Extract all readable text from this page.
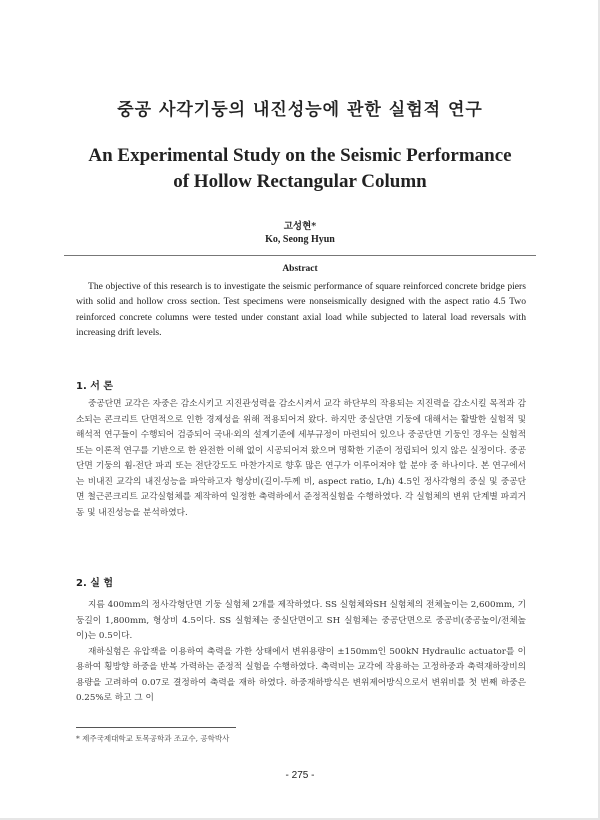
중공 사각기둥의 내진성능에 관한 실험적 연구
An Experimental Study on the Seismic Performance
of Hollow Rectangular Column
고성현*
Ko, Seong Hyun
Abstract

The objective of this research is to investigate the seismic performance of square reinforced concrete bridge piers with solid and hollow cross section. Test specimens were nonseismically designed with the aspect ratio 4.5 Two reinforced concrete columns were tested under constant axial load while subjected to lateral load reversals with increasing drift levels.

1. 서 론

중공단면 교각은 자중은 감소시키고 지진관성력을 감소시켜서 교각 하단부의 작용되는 지진력을 감소시킬 목적과 감소되는 콘크리트 단면적으로 인한 경제성을 위해 적용되어져 왔다. 하지만 중실단면 기둥에 대해서는 활발한 실험적 및 해석적 연구들이 수행되어 검증되어 국내·외의 설계기준에 세부규정이 마련되어 있으나 중공단면 기둥인 경우는 실험적 또는 이론적 연구를 기반으로 한 완전한 이해 없이 시공되어져 왔으며 명확한 기준이 정립되어 있지 않은 실정이다. 중공단면 기둥의 휨-전단 파괴 또는 전단강도도 마찬가지로 향후 많은 연구가 이루어져야 할 분야 중 하나이다. 본 연구에서는 비내진 교각의 내진성능을 파악하고자 형상비(길이-두께 비, aspect ratio, L/h) 4.5인 정사각형의 중실 및 중공단면 철근콘크리트 교각실험체를 제작하여 일정한 축력하에서 준정적실험을 수행하였다. 각 실험체의 변위 단계별 파괴거동 및 내진성능을 분석하였다.

2. 실 험

지름 400mm의 정사각형단면 기둥 실험체 2개를 제작하였다. SS 실험체와SH 실험체의 전체높이는 2,600mm, 기둥길이 1,800mm, 형상비 4.5이다. SS 실험체는 중실단면이고 SH 실험체는 중공단면으로 중공비(중공높이/전체높이)는 0.5이다.

재하실험은 유압잭을 이용하여 축력을 가한 상태에서 변위용량이 ±150mm인 500kN Hydraulic actuator를 이용하여 횡방향 하중을 반복 가력하는 준정적 실험을 수행하였다. 축력비는 교각에 작용하는 고정하중과 축력재하장비의 용량을 고려하여 0.07로 결정하여 축력을 재하 하였다. 하중재하방식은 변위제어방식으로서 변위비를 첫 번째 하중은 0.25%로 하고 그 이

* 제주국제대학교 토목공학과 조교수, 공학박사
- 275 -
